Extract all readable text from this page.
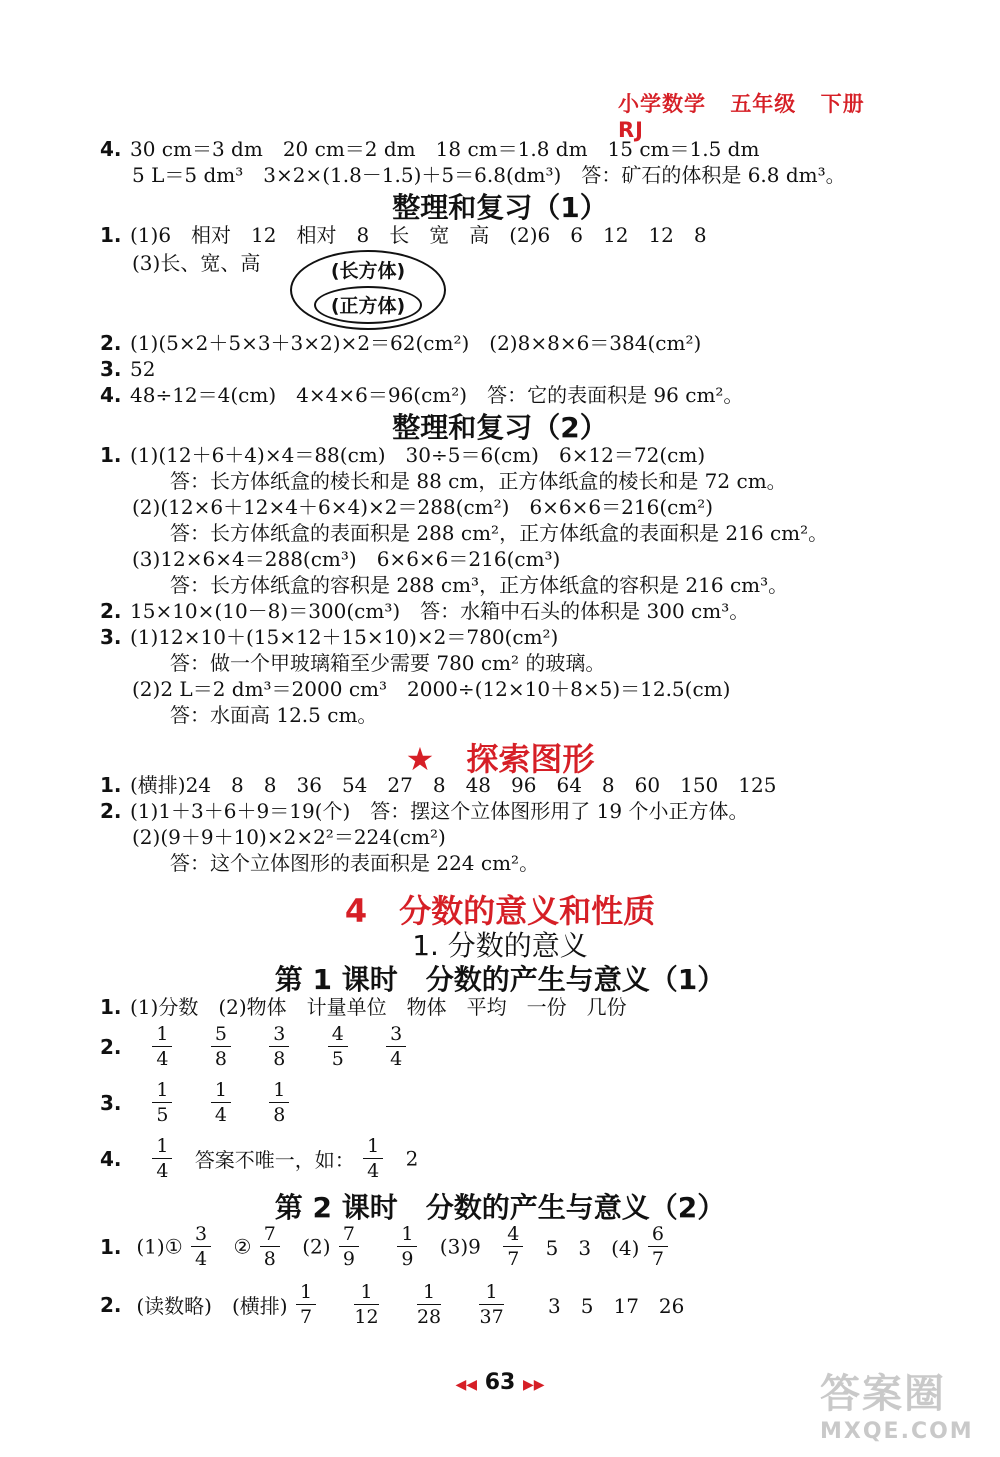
小学数学 五年级 下册 RJ
4. 30 cm＝3 dm　20 cm＝2 dm　18 cm＝1.8 dm　15 cm＝1.5 dm
5 L＝5 dm³　3×2×(1.8－1.5)＋5＝6.8(dm³)　答：矿石的体积是 6.8 dm³。
整理和复习（1）
1. (1)6　相对　12　相对　8　长　宽　高　(2)6　6　12　12　8
(3)长、宽、高	(长方体)
(正方体)
2. (1)(5×2＋5×3＋3×2)×2＝62(cm²)　(2)8×8×6＝384(cm²)
3. 52
4. 48÷12＝4(cm)　4×4×6＝96(cm²)　答：它的表面积是 96 cm²。
整理和复习（2）
1. (1)(12＋6＋4)×4＝88(cm)　30÷5＝6(cm)　6×12＝72(cm)
答：长方体纸盒的棱长和是 88 cm，正方体纸盒的棱长和是 72 cm。
(2)(12×6＋12×4＋6×4)×2＝288(cm²)　6×6×6＝216(cm²)
答：长方体纸盒的表面积是 288 cm²，正方体纸盒的表面积是 216 cm²。
(3)12×6×4＝288(cm³)　6×6×6＝216(cm³)
答：长方体纸盒的容积是 288 cm³，正方体纸盒的容积是 216 cm³。
2. 15×10×(10－8)＝300(cm³)　答：水箱中石头的体积是 300 cm³。
3. (1)12×10＋(15×12＋15×10)×2＝780(cm²)
答：做一个甲玻璃箱至少需要 780 cm² 的玻璃。
(2)2 L＝2 dm³＝2000 cm³　2000÷(12×10＋8×5)＝12.5(cm)
答：水面高 12.5 cm。
★　探索图形
1. (横排)24　8　8　36　54　27　8　48　96　64　8　60　150　125
2. (1)1＋3＋6＋9＝19(个)　答：摆这个立体图形用了 19 个小正方体。
(2)(9＋9＋10)×2×2²＝224(cm²)
答：这个立体图形的表面积是 224 cm²。
4　分数的意义和性质
1. 分数的意义
第 1 课时　分数的产生与意义（1）
1. (1)分数　(2)物体　计量单位　物体　平均　一份　几份
2. $\frac{1}{4}$
$\frac{5}{8}$
$\frac{3}{8}$
$\frac{4}{5}$
$\frac{3}{4}$
3. $\frac{1}{5}$
$\frac{1}{4}$
$\frac{1}{8}$
4. $\frac{1}{4}$ 答案不唯一，如： $\frac{1}{4} 2$
第 2 课时　分数的产生与意义（2）
1. (1)① $\frac{3}{4}$ ② $\frac{7}{8} (2) \frac{7}{9}$
$\frac{1}{9} (3)9 \frac{4}{7} 5$　3　$(4) \frac{6}{7}$
2. (读数略)　(横排) $\frac{1}{7}$
$\frac{1}{12}$
$\frac{1}{28}$
$\frac{1}{37} 3$　5　17　26
◀◀ 63 ▶▶	答案圈
MXQE.COM
